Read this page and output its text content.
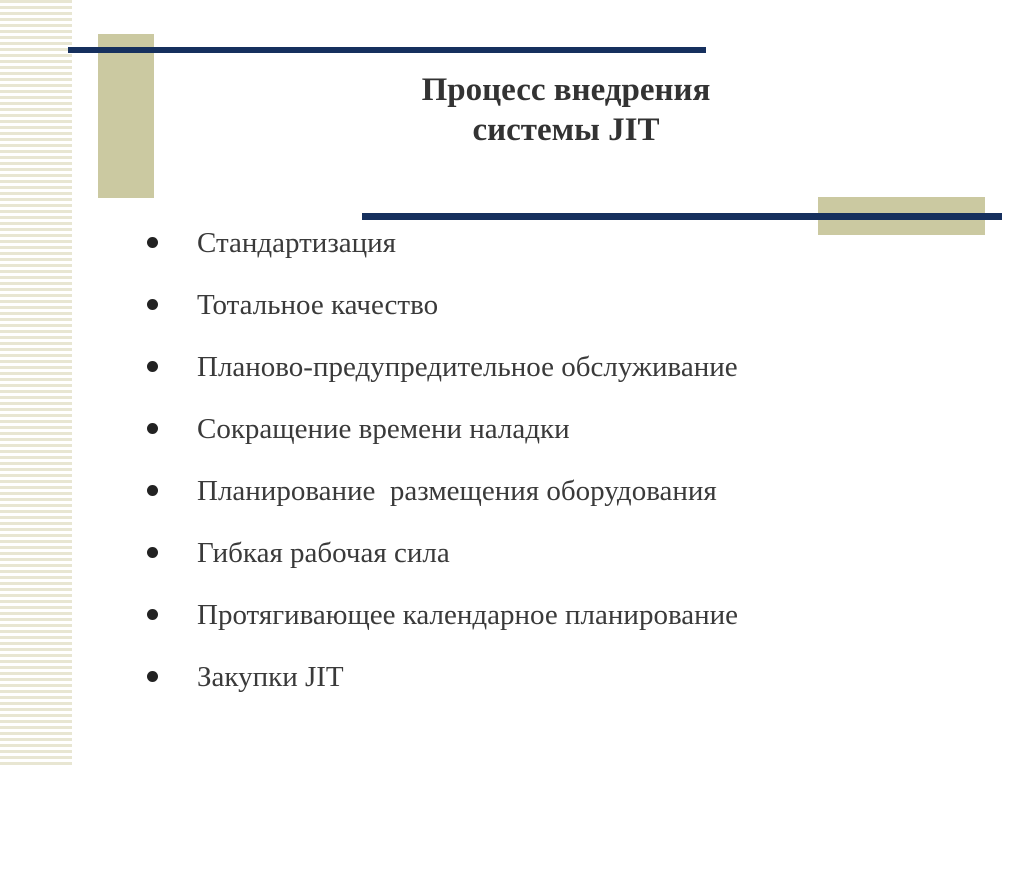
Процесс внедрения
системы JIT

Стандартизация

Тотальное качество

Планово-предупредительное обслуживание

Сокращение времени наладки

Планирование  размещения оборудования

Гибкая рабочая сила

Протягивающее календарное планирование

Закупки JIT
